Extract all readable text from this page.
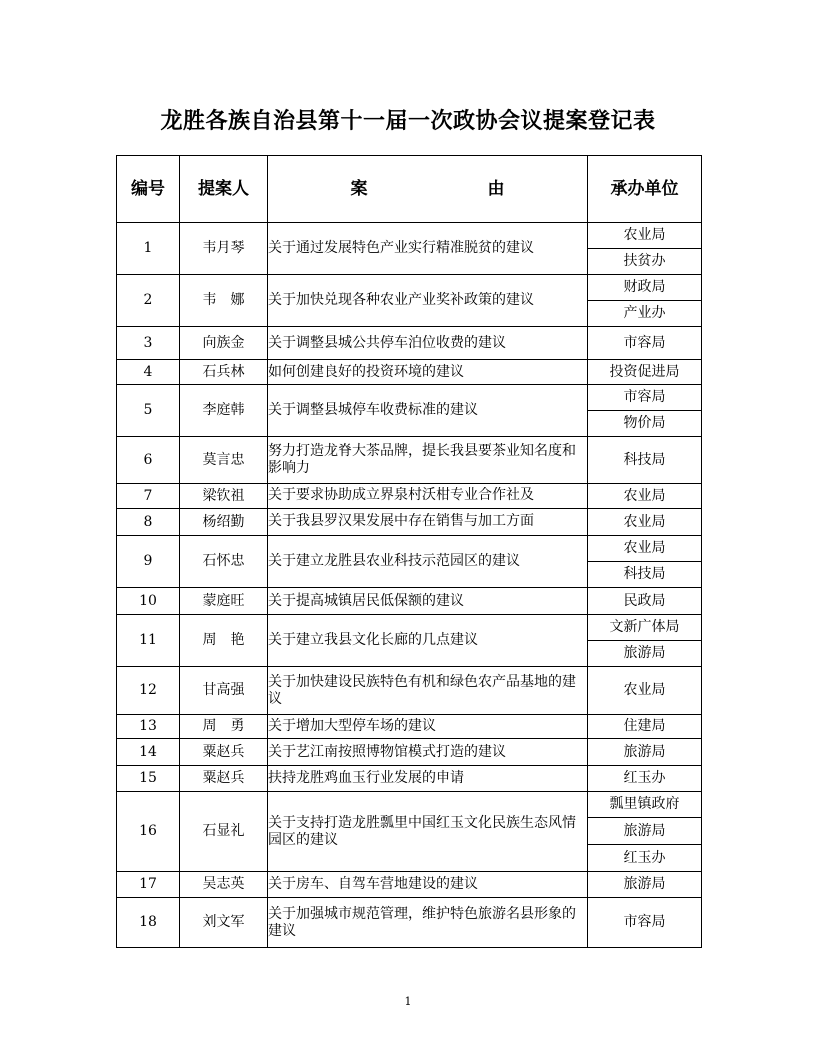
龙胜各族自治县第十一届一次政协会议提案登记表
编号	提案人	案 由	承办单位
1	韦月琴	关于通过发展特色产业实行精准脱贫的建议	农业局
			扶贫办
2	韦　娜	关于加快兑现各种农业产业奖补政策的建议	财政局
			产业办
3	向族金	关于调整县城公共停车泊位收费的建议	市容局
4	石兵林	如何创建良好的投资环境的建议	投资促进局
5	李庭韩	关于调整县城停车收费标准的建议	市容局
			物价局
6	莫言忠	努力打造龙脊大茶品牌，提长我县要茶业知名度和影响力	科技局
7	梁钦祖	关于要求协助成立界泉村沃柑专业合作社及	农业局
8	杨绍勤	关于我县罗汉果发展中存在销售与加工方面	农业局
9	石怀忠	关于建立龙胜县农业科技示范园区的建议	农业局
			科技局
10	蒙庭旺	关于提高城镇居民低保额的建议	民政局
11	周　艳	关于建立我县文化长廊的几点建议	文新广体局
			旅游局
12	甘高强	关于加快建设民族特色有机和绿色农产品基地的建议	农业局
13	周　勇	关于增加大型停车场的建议	住建局
14	粟赵兵	关于艺江南按照博物馆模式打造的建议	旅游局
15	粟赵兵	扶持龙胜鸡血玉行业发展的申请	红玉办
16	石显礼	关于支持打造龙胜瓢里中国红玉文化民族生态风情园区的建议	瓢里镇政府
			旅游局
			红玉办
17	吴志英	关于房车、自驾车营地建设的建议	旅游局
18	刘文军	关于加强城市规范管理，维护特色旅游名县形象的建议	市容局
1
